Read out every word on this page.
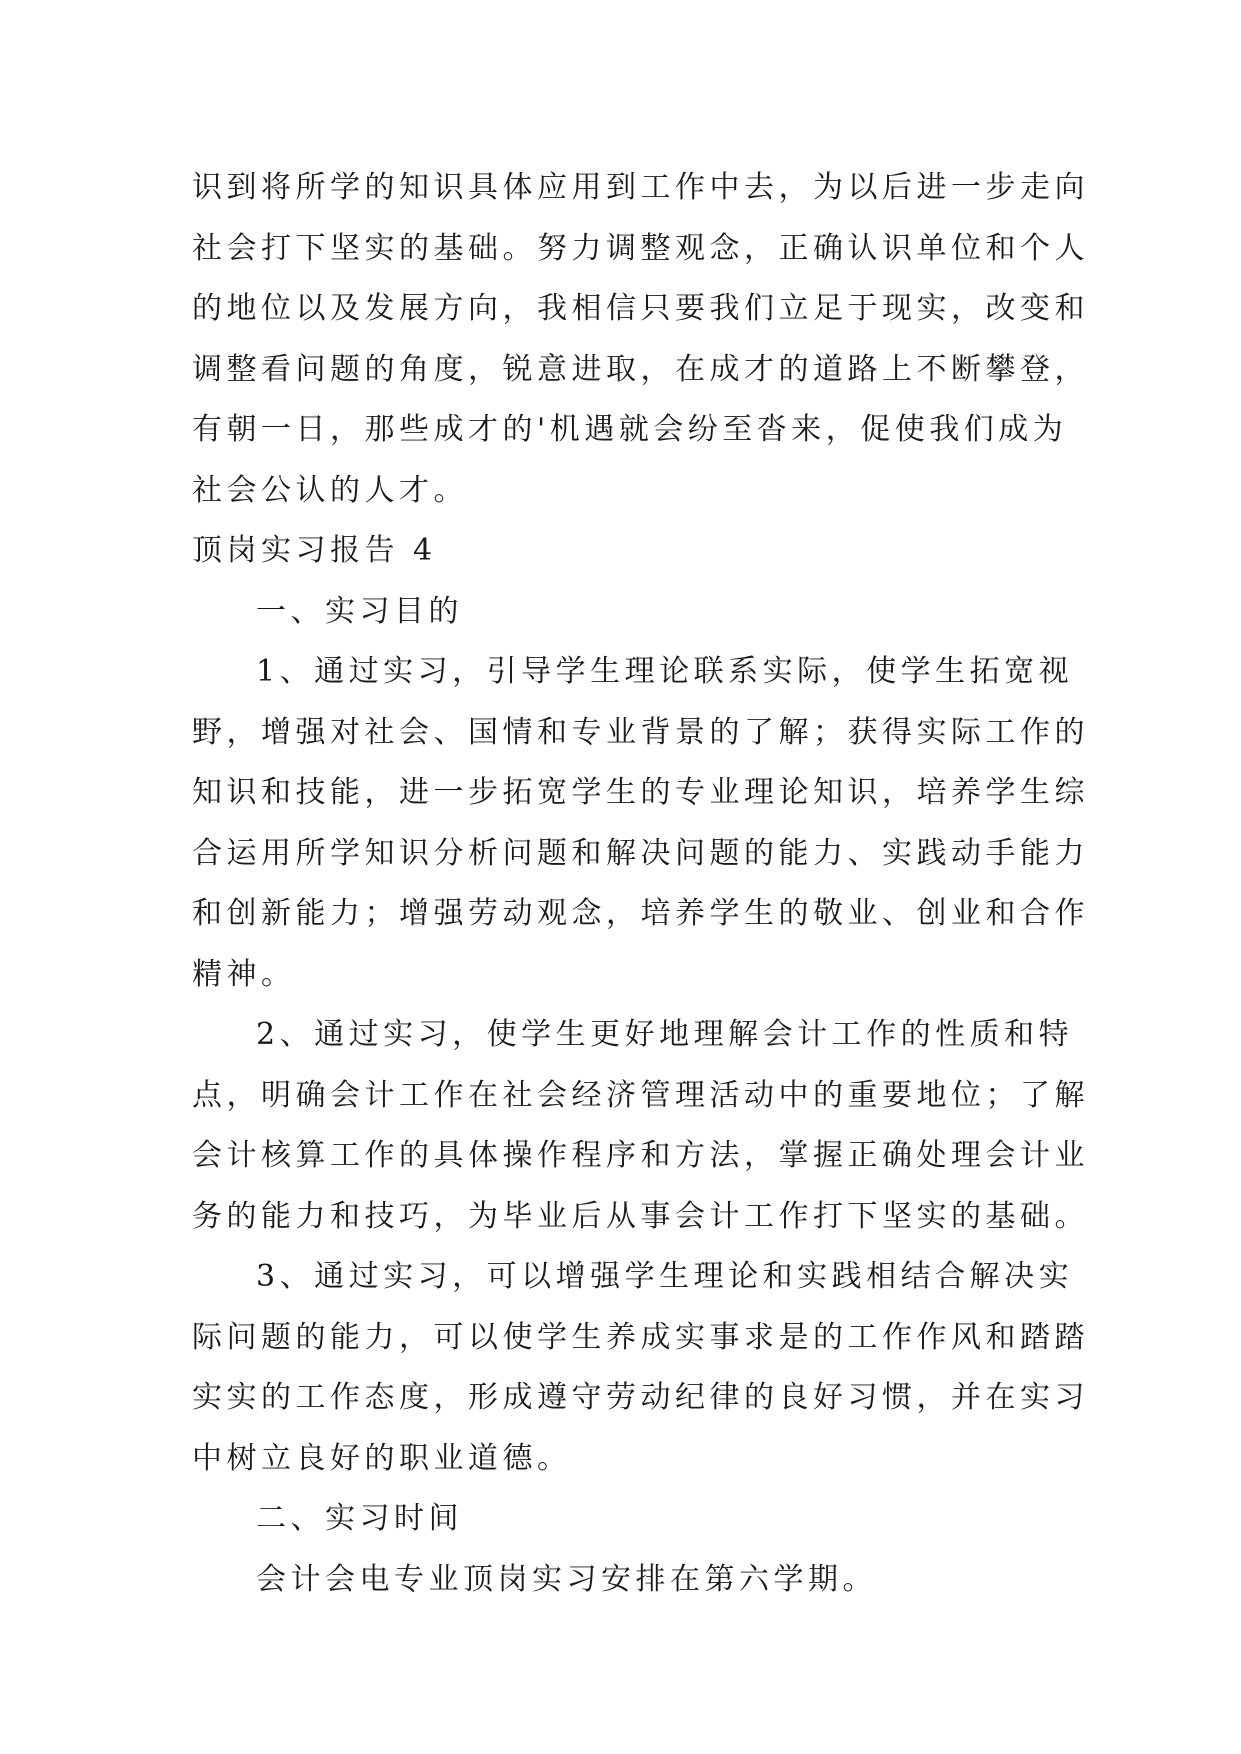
识到将所学的知识具体应用到工作中去，为以后进一步走向
社会打下坚实的基础。努力调整观念，正确认识单位和个人
的地位以及发展方向，我相信只要我们立足于现实，改变和
调整看问题的角度，锐意进取，在成才的道路上不断攀登，
有朝一日，那些成才的'机遇就会纷至沓来，促使我们成为
社会公认的人才。
顶岗实习报告 4
一、实习目的
1、通过实习，引导学生理论联系实际，使学生拓宽视
野，增强对社会、国情和专业背景的了解；获得实际工作的
知识和技能，进一步拓宽学生的专业理论知识，培养学生综
合运用所学知识分析问题和解决问题的能力、实践动手能力
和创新能力；增强劳动观念，培养学生的敬业、创业和合作
精神。
2、通过实习，使学生更好地理解会计工作的性质和特
点，明确会计工作在社会经济管理活动中的重要地位；了解
会计核算工作的具体操作程序和方法，掌握正确处理会计业
务的能力和技巧，为毕业后从事会计工作打下坚实的基础。
3、通过实习，可以增强学生理论和实践相结合解决实
际问题的能力，可以使学生养成实事求是的工作作风和踏踏
实实的工作态度，形成遵守劳动纪律的良好习惯，并在实习
中树立良好的职业道德。
二、实习时间
会计会电专业顶岗实习安排在第六学期。
